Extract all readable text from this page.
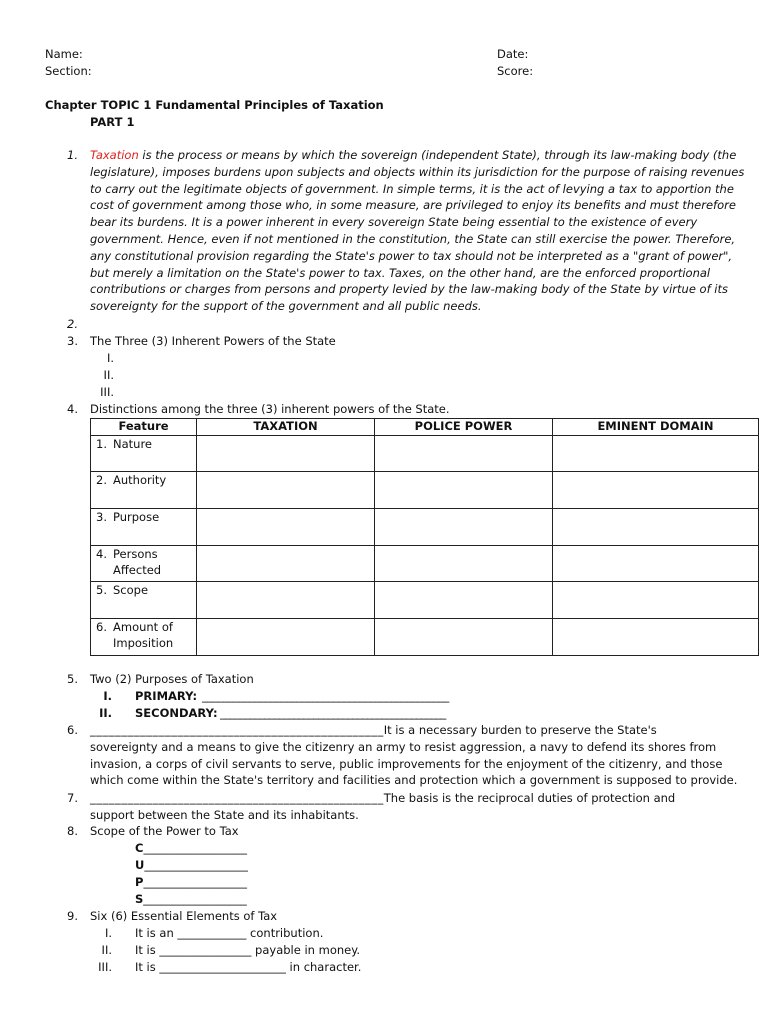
Name:
Section:
Date:
Score:
Chapter TOPIC 1 Fundamental Principles of Taxation
PART 1
1. Taxation is the process or means by which the sovereign (independent State), through its law-making body (the
legislature), imposes burdens upon subjects and objects within its jurisdiction for the purpose of raising revenues
to carry out the legitimate objects of government. In simple terms, it is the act of levying a tax to apportion the
cost of government among those who, in some measure, are privileged to enjoy its benefits and must therefore
bear its burdens. It is a power inherent in every sovereign State being essential to the existence of every
government. Hence, even if not mentioned in the constitution, the State can still exercise the power. Therefore,
any constitutional provision regarding the State's power to tax should not be interpreted as a "grant of power",
but merely a limitation on the State's power to tax. Taxes, on the other hand, are the enforced proportional
contributions or charges from persons and property levied by the law-making body of the State by virtue of its
sovereignty for the support of the government and all public needs.
2.
3. The Three (3) Inherent Powers of the State
I.
II.
III.
4. Distinctions among the three (3) inherent powers of the State.
Feature	TAXATION	POLICE POWER	EMINENT DOMAIN
1. Nature			
2. Authority			
3. Purpose			
4. Persons
Affected			
5. Scope			
6. Amount of
Imposition			
5. Two (2) Purposes of Taxation
I. PRIMARY: _______________________________________________
II. SECONDARY: ______________________________________________
6. _______________________________________________It is a necessary burden to preserve the State's
sovereignty and a means to give the citizenry an army to resist aggression, a navy to defend its shores from
invasion, a corps of civil servants to serve, public improvements for the enjoyment of the citizenry, and those
which come within the State's territory and facilities and protection which a government is supposed to provide.
7. _______________________________________________The basis is the reciprocal duties of protection and
support between the State and its inhabitants.
8. Scope of the Power to Tax
C__________________
U__________________
P__________________
S__________________
9. Six (6) Essential Elements of Tax
I. It is an ____________ contribution.
II. It is ________________ payable in money.
III. It is ______________________ in character.
